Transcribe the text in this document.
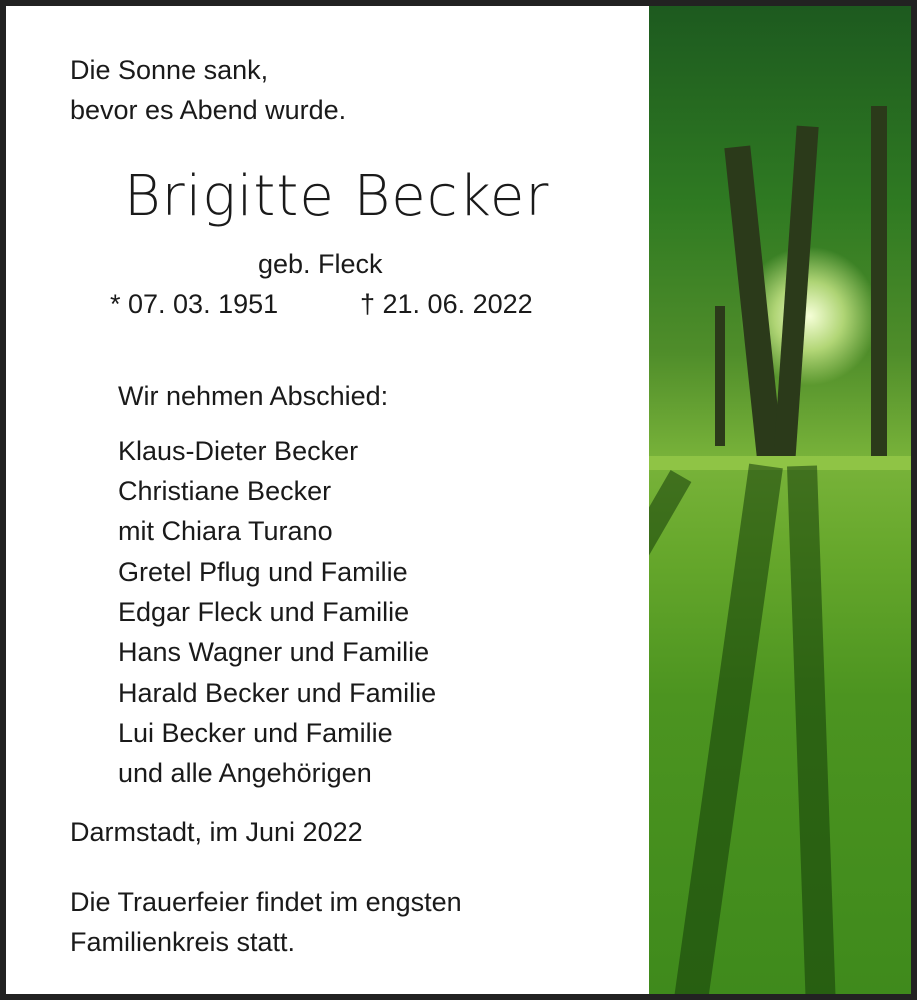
Die Sonne sank,
bevor es Abend wurde.
Brigitte Becker
geb. Fleck
* 07. 03. 1951	† 21. 06. 2022
Wir nehmen Abschied:
Klaus-Dieter Becker
Christiane Becker
mit Chiara Turano
Gretel Pflug und Familie
Edgar Fleck und Familie
Hans Wagner und Familie
Harald Becker und Familie
Lui Becker und Familie
und alle Angehörigen
Darmstadt, im Juni 2022
Die Trauerfeier findet im engsten
Familienkreis statt.
